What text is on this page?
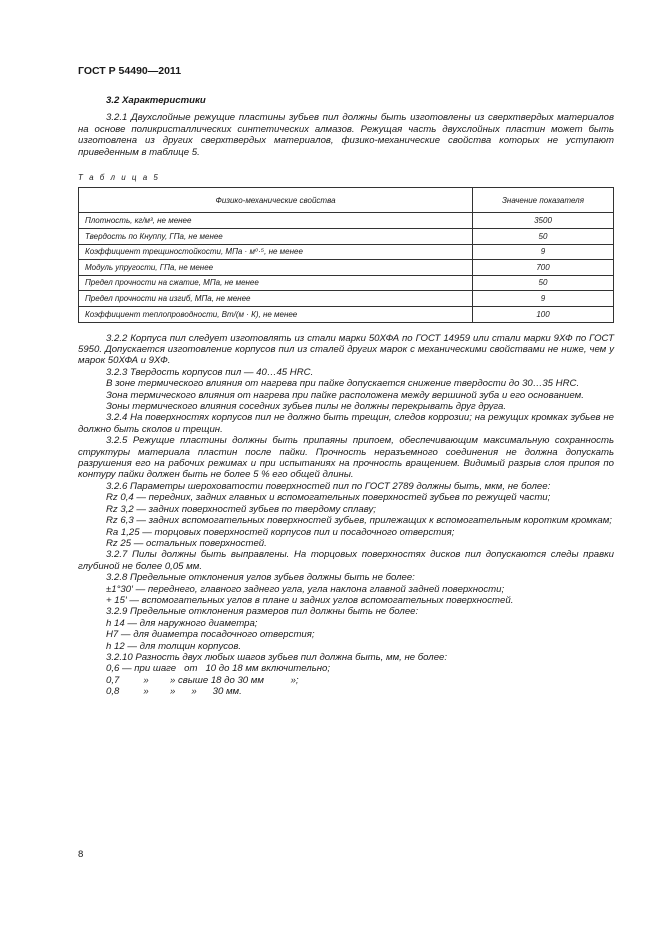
ГОСТ Р 54490—2011
3.2 Характеристики

3.2.1 Двухслойные режущие пластины зубьев пил должны быть изготовлены из сверхтвердых материалов на основе поликристаллических синтетических алмазов. Режущая часть двухслойных пластин может быть изготовлена из других сверхтвердых материалов, физико-механические свойства которых не уступают приведенным в таблице 5.

Т а б л и ц а 5
Физико-механические свойства	Значение показателя
Плотность, кг/м³, не менее	3500
Твердость по Кнуппу, ГПа, не менее	50
Коэффициент трещиностойкости, МПа · м⁰·⁵, не менее	9
Модуль упругости, ГПа, не менее	700
Предел прочности на сжатие, МПа, не менее	50
Предел прочности на изгиб, МПа, не менее	9
Коэффициент теплопроводности, Вт/(м · К), не менее	100

3.2.2 Корпуса пил следует изготовлять из стали марки 50ХФА по ГОСТ 14959 или стали марки 9ХФ по ГОСТ 5950. Допускается изготовление корпусов пил из сталей других марок с механическими свойствами не ниже, чем у марок 50ХФА и 9ХФ.

3.2.3 Твердость корпусов пил — 40…45 HRC.

В зоне термического влияния от нагрева при пайке допускается снижение твердости до 30…35 HRC.

Зона термического влияния от нагрева при пайке расположена между вершиной зуба и его основанием.

Зоны термического влияния соседних зубьев пилы не должны перекрывать друг друга.

3.2.4 На поверхностях корпусов пил не должно быть трещин, следов коррозии; на режущих кромках зубьев не должно быть сколов и трещин.

3.2.5 Режущие пластины должны быть припаяны припоем, обеспечивающим максимальную сохранность структуры материала пластин после пайки. Прочность неразъемного соединения не должна допускать разрушения его на рабочих режимах и при испытаниях на прочность вращением. Видимый разрыв слоя припоя по контуру пайки должен быть не более 5 % его общей длины.

3.2.6 Параметры шероховатости поверхностей пил по ГОСТ 2789 должны быть, мкм, не более:

Rz 0,4 — передних, задних главных и вспомогательных поверхностей зубьев по режущей части;

Rz 3,2 — задних поверхностей зубьев по твердому сплаву;

Rz 6,3 — задних вспомогательных поверхностей зубьев, прилежащих к вспомогательным коротким кромкам;

Ra 1,25 — торцовых поверхностей корпусов пил и посадочного отверстия;

Rz 25 — остальных поверхностей.

3.2.7 Пилы должны быть выправлены. На торцовых поверхностях дисков пил допускаются следы правки глубиной не более 0,05 мм.

3.2.8 Предельные отклонения углов зубьев должны быть не более:

±1°30′ — переднего, главного заднего угла, угла наклона главной задней поверхности;

+ 15′ — вспомогательных углов в плане и задних углов вспомогательных поверхностей.

3.2.9 Предельные отклонения размеров пил должны быть не более:

h 14 — для наружного диаметра;

H7 — для диаметра посадочного отверстия;

h 12 — для толщин корпусов.

3.2.10 Разность двух любых шагов зубьев пил должна быть, мм, не более:

0,6 — при шаге   от   10 до 18 мм включительно;

0,7         »        » свыше 18 до 30 мм          »;

0,8         »        »      »      30 мм.

8
